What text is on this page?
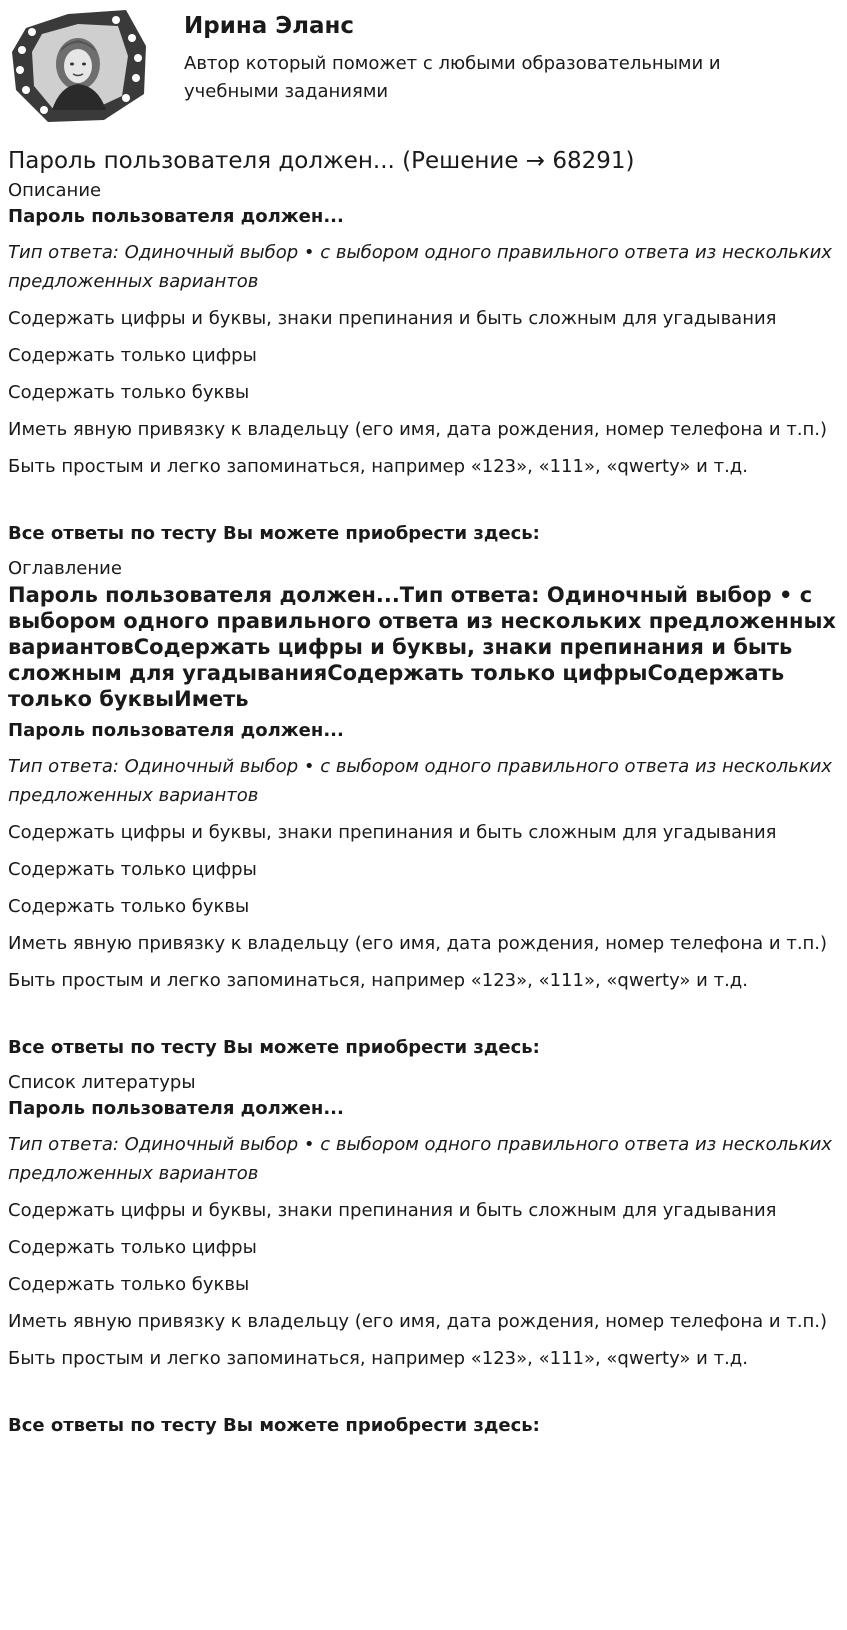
Ирина Эланс

Автор который поможет с любыми образовательными и учебными заданиями

Пароль пользователя должен... (Решение → 68291)

Описание

Пароль пользователя должен...

Тип ответа: Одиночный выбор • с выбором одного правильного ответа из нескольких предложенных вариантов

Содержать цифры и буквы, знаки препинания и быть сложным для угадывания

Содержать только цифры

Содержать только буквы

Иметь явную привязку к владельцу (его имя, дата рождения, номер телефона и т.п.)

Быть простым и легко запоминаться, например «123», «111», «qwerty» и т.д.

Все ответы по тесту Вы можете приобрести здесь:

Оглавление

Пароль пользователя должен...Тип ответа: Одиночный выбор • с выбором одного правильного ответа из нескольких предложенных вариантовСодержать цифры и буквы, знаки препинания и быть сложным для угадыванияСодержать только цифрыСодержать только буквыИметь

Пароль пользователя должен...

Тип ответа: Одиночный выбор • с выбором одного правильного ответа из нескольких предложенных вариантов

Содержать цифры и буквы, знаки препинания и быть сложным для угадывания

Содержать только цифры

Содержать только буквы

Иметь явную привязку к владельцу (его имя, дата рождения, номер телефона и т.п.)

Быть простым и легко запоминаться, например «123», «111», «qwerty» и т.д.

Все ответы по тесту Вы можете приобрести здесь:

Список литературы

Пароль пользователя должен...

Тип ответа: Одиночный выбор • с выбором одного правильного ответа из нескольких предложенных вариантов

Содержать цифры и буквы, знаки препинания и быть сложным для угадывания

Содержать только цифры

Содержать только буквы

Иметь явную привязку к владельцу (его имя, дата рождения, номер телефона и т.п.)

Быть простым и легко запоминаться, например «123», «111», «qwerty» и т.д.

Все ответы по тесту Вы можете приобрести здесь:
